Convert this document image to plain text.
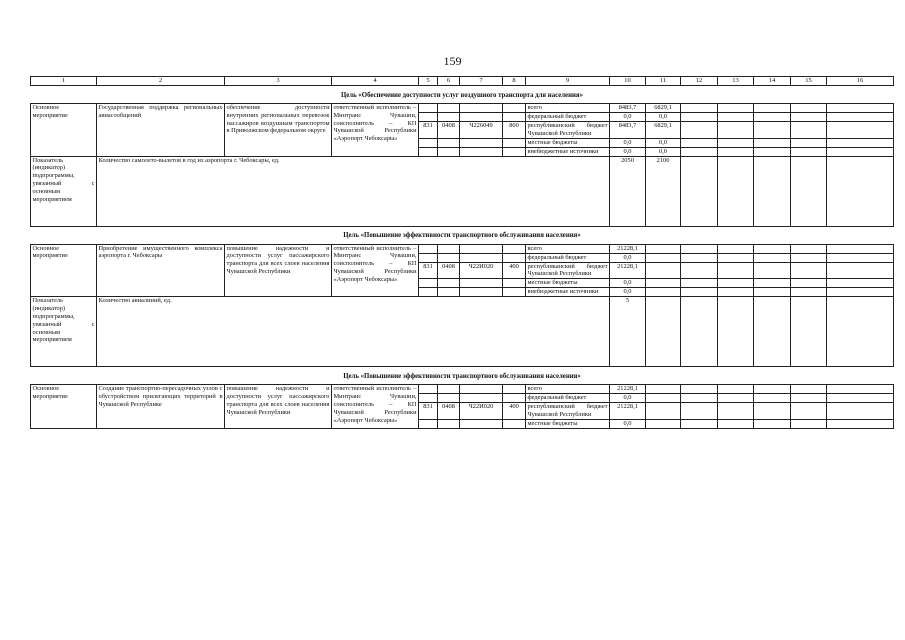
159
1	2	3	4	5	6	7	8	9	10	11	12	13	14	15	16
Цель «Обеспечение доступности услуг воздушного транспорта для населения»															
Основное мероприятие	Государственная поддержка региональных авиасообщений	обеспечение доступности внутренних региональных перевозок пассажиров воздушным транспортом в Приволжском федеральном округе	ответственный исполнитель – Минтранс Чувашии, соисполнитель – КП Чувашской Республики «Аэропорт Чебоксары»					всего	8483,7	6829,1					
								федеральный бюджет	0,0	0,0					
				831	0408	Ч226049	800	республиканский бюджет Чувашской Республики	8483,7	6829,1					
								местные бюджеты	0,0	0,0					
								внебюджетные источники	0,0	0,0					
Показатель (индикатор) подпрограммы, увязанный с основным мероприятием	Количество самолето-вылетов в год из аэропорта г. Чебоксары, ед.								2050	2100					
Цель «Повышение эффективности транспортного обслуживания населения»															
Основное мероприятие	Приобретение имущественного комплекса аэропорта г. Чебоксары	повышение надежности и доступности услуг пассажирского транспорта для всех слоев населения Чувашской Республики	ответственный исполнитель – Минтранс Чувашии, соисполнитель – КП Чувашской Республики «Аэропорт Чебоксары»					всего	21228,1						
								федеральный бюджет	0,0						
				831	0408	Ч22И020	400	республиканский бюджет Чувашской Республики	21228,1						
								местные бюджеты	0,0						
								внебюджетные источники	0,0						
Показатель (индикатор) подпрограммы, увязанный с основным мероприятием	Количество авиалиний, ед.								5						
Цель «Повышение эффективности транспортного обслуживания населения»															
Основное мероприятие	Создание транспортно-пересадочных узлов с обустройством прилегающих территорий в Чувашской Республике	повышение надежности и доступности услуг пассажирского транспорта для всех слоев населения Чувашской Республики	ответственный исполнитель – Минтранс Чувашии, соисполнитель – КП Чувашской Республики «Аэропорт Чебоксары»					всего	21228,1						
								федеральный бюджет	0,0						
				831	0408	Ч22И020	400	республиканский бюджет Чувашской Республики	21228,1						
								местные бюджеты	0,0						
